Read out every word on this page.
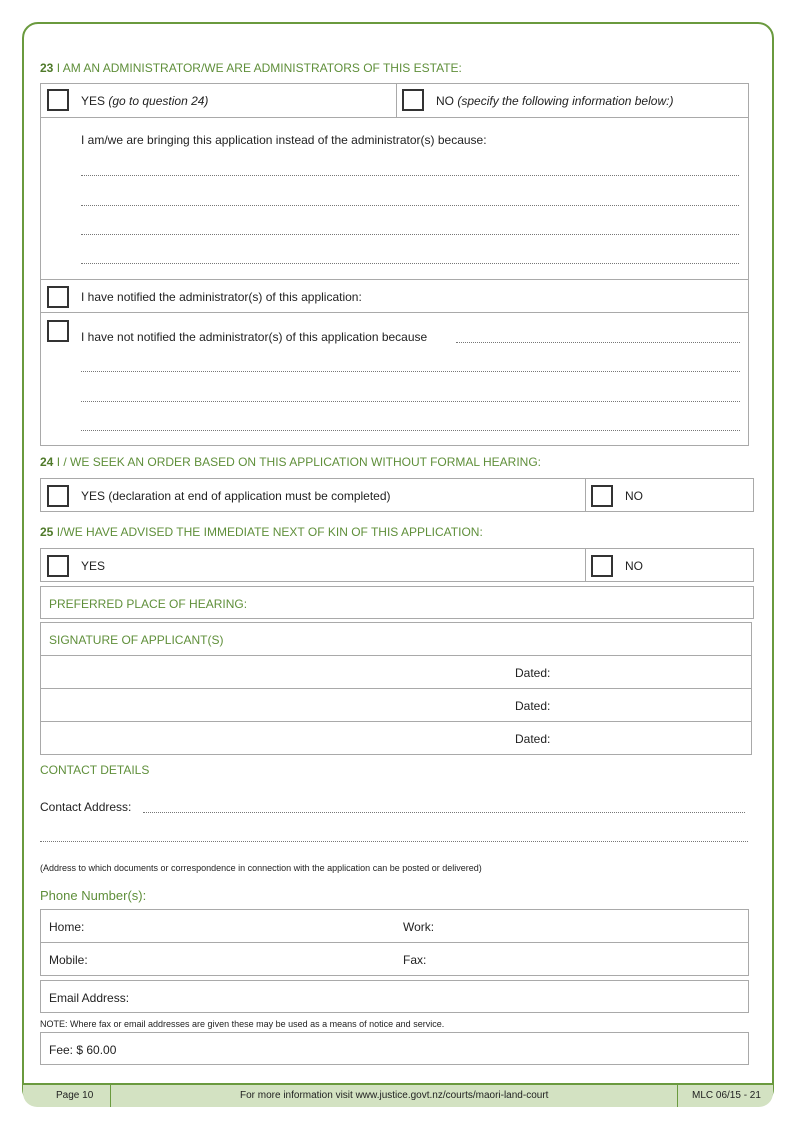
23 I AM AN ADMINISTRATOR/WE ARE ADMINISTRATORS OF THIS ESTATE:
YES (go to question 24)	NO (specify the following information below:)
I am/we are bringing this application instead of the administrator(s) because:
I have notified the administrator(s) of this application:
I have not notified the administrator(s) of this application because
24 I / WE SEEK AN ORDER BASED ON THIS APPLICATION WITHOUT FORMAL HEARING:
YES (declaration at end of application must be completed)	NO
25 I/WE HAVE ADVISED THE IMMEDIATE NEXT OF KIN OF THIS APPLICATION:
YES	NO
PREFERRED PLACE OF HEARING:
SIGNATURE OF APPLICANT(S)
Dated:
Dated:
Dated:
CONTACT DETAILS
Contact Address:
(Address to which documents or correspondence in connection with the application can be posted or delivered)
Phone Number(s):
Home:	Work:
Mobile:	Fax:
Email Address:
NOTE: Where fax or email addresses are given these may be used as a means of notice and service.
Fee: $ 60.00
Page 10	For more information visit www.justice.govt.nz/courts/maori-land-court	MLC 06/15 - 21
